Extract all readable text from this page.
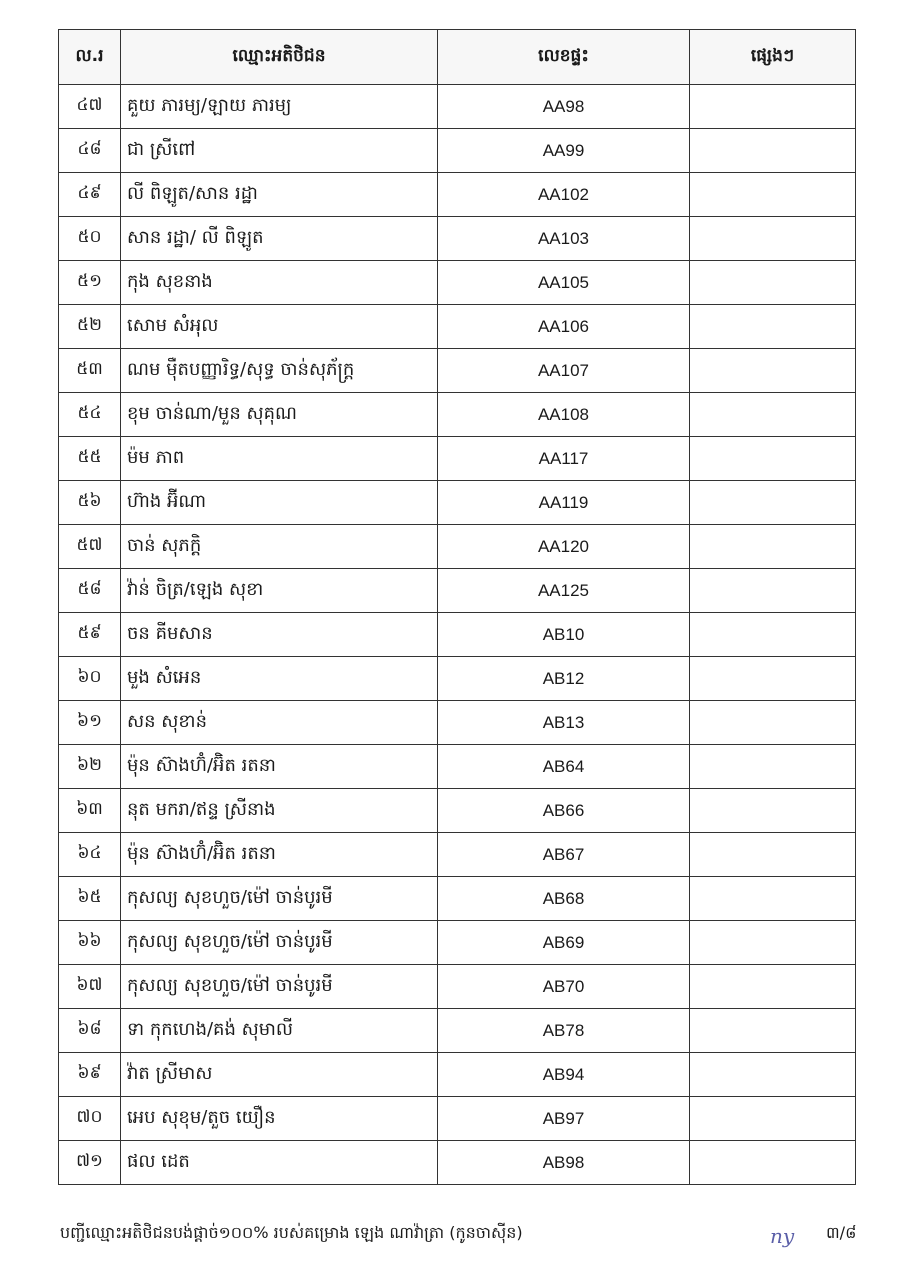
ល.រ	ឈ្មោះអតិថិជន	លេខផ្ទះ	ផ្សេងៗ
៤៧	គួយ ភារម្យ/ឡាយ ភារម្យ	AA98	
៤៨	ជា ស្រីពៅ	AA99	
៤៩	លី ពិឡូត/សាន រដ្ឋា	AA102	
៥០	សាន រដ្ឋា/ លី ពិឡូត	AA103	
៥១	កុង សុខនាង	AA105	
៥២	សោម សំអុល	AA106	
៥៣	ណម ម៉ឺតបញ្ញារិទ្ធ/សុទ្ធ ចាន់សុភ័ក្រ្ត	AA107	
៥៤	ខុម ចាន់ណា/មួន សុគុណ	AA108	
៥៥	ម៉ម ភាព	AA117	
៥៦	ហ៊ាង អ៊ីណា	AA119	
៥៧	ចាន់ សុភក្តិ	AA120	
៥៨	វ៉ាន់ ចិត្រ/ឡេង សុខា	AA125	
៥៩	ចន គីមសាន	AB10	
៦០	មួង សំអេន	AB12	
៦១	សន សុខាន់	AB13	
៦២	ម៉ុន ស៊ាងហ៊ំ/អ៊ិត រតនា	AB64	
៦៣	នុត មករា/ឥន្ទ ស្រីនាង	AB66	
៦៤	ម៉ុន ស៊ាងហ៊ំ/អ៊ិត រតនា	AB67	
៦៥	កុសល្យ សុខហួច/ម៉ៅ ចាន់បូរមី	AB68	
៦៦	កុសល្យ សុខហួច/ម៉ៅ ចាន់បូរមី	AB69	
៦៧	កុសល្យ សុខហួច/ម៉ៅ ចាន់បូរមី	AB70	
៦៨	ទា កុកហេង/គង់ សុមាលី	AB78	
៦៩	វ៉ាត ស្រីមាស	AB94	
៧០	អេប សុខុម/តួច យឿន	AB97	
៧១	ផល ដេត	AB98	
បញ្ជីឈ្មោះអតិថិជនបង់ផ្តាច់១០០% របស់គម្រោង ឡេង ណាវ៉ាត្រា (កូនចាស៊ីន)	ny ៣/៨
